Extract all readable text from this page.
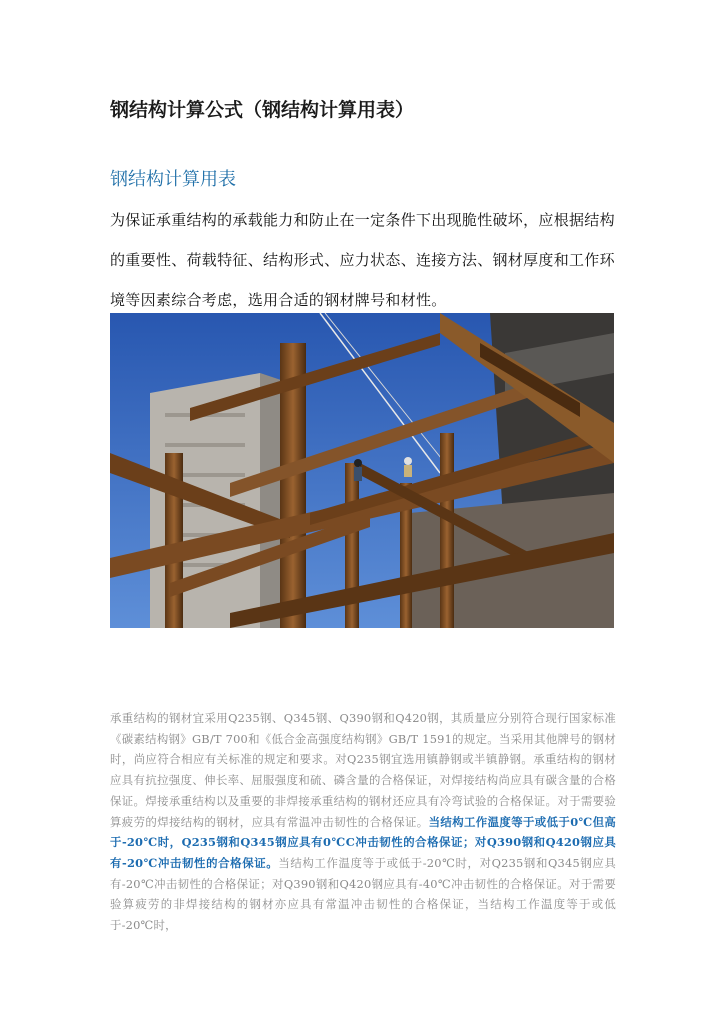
钢结构计算公式（钢结构计算用表）
钢结构计算用表
为保证承重结构的承载能力和防止在一定条件下出现脆性破坏，应根据结构的重要性、荷载特征、结构形式、应力状态、连接方法、钢材厚度和工作环境等因素综合考虑，选用合适的钢材牌号和材性。
承重结构的钢材宜采用Q235钢、Q345钢、Q390钢和Q420钢，其质量应分别符合现行国家标准《碳素结构钢》GB/T 700和《低合金高强度结构钢》GB/T 1591的规定。当采用其他牌号的钢材时，尚应符合相应有关标准的规定和要求。对Q235钢宜选用镇静钢或半镇静钢。承重结构的钢材应具有抗拉强度、伸长率、屈服强度和硫、磷含量的合格保证，对焊接结构尚应具有碳含量的合格保证。焊接承重结构以及重要的非焊接承重结构的钢材还应具有冷弯试验的合格保证。对于需要验算疲劳的焊接结构的钢材，应具有常温冲击韧性的合格保证。当结构工作温度等于或低于0℃但高于-20℃时，Q235钢和Q345钢应具有0℃C冲击韧性的合格保证；对Q390钢和Q420钢应具有-20℃冲击韧性的合格保证。当结构工作温度等于或低于-20℃时，对Q235钢和Q345钢应具有-20℃冲击韧性的合格保证；对Q390钢和Q420钢应具有-40℃冲击韧性的合格保证。对于需要验算疲劳的非焊接结构的钢材亦应具有常温冲击韧性的合格保证，当结构工作温度等于或低于-20℃时，
